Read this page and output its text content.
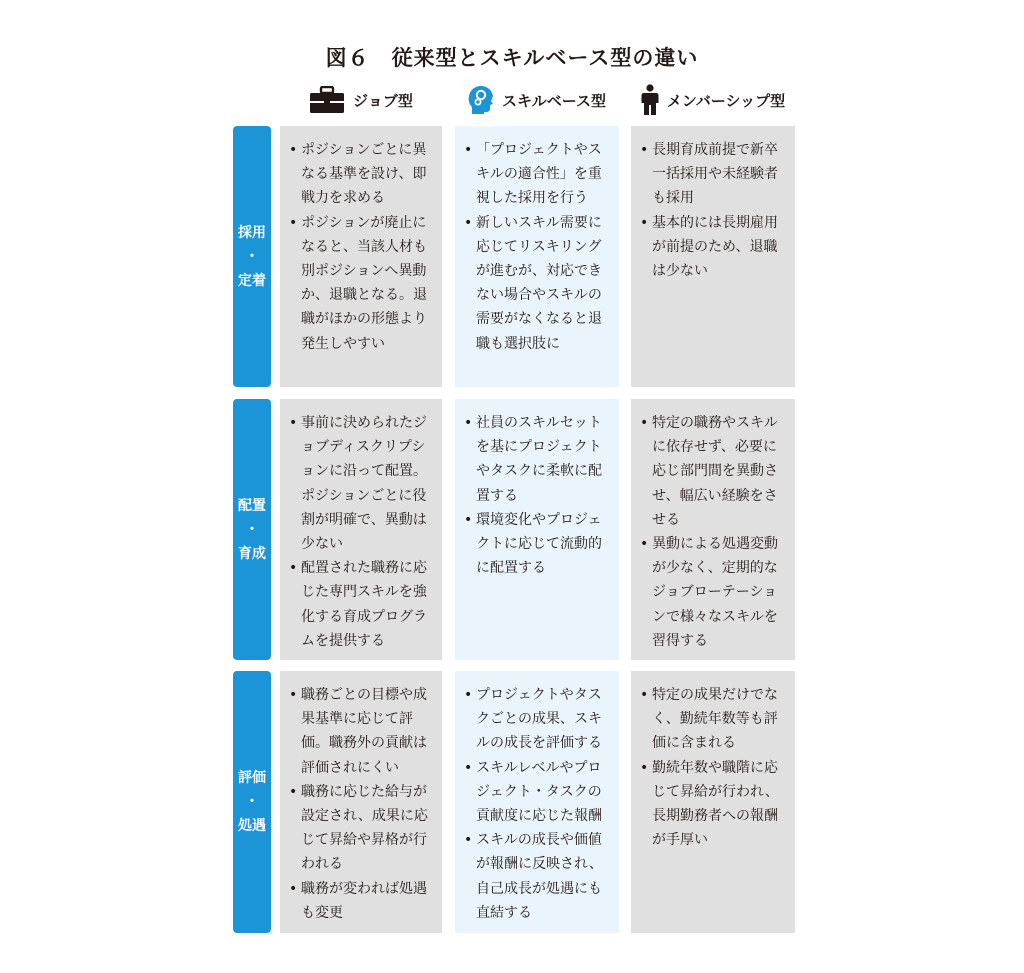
図６　従来型とスキルベース型の違い
ジョブ型	スキルベース型	メンバーシップ型
採用
・
定着
• ポジションごとに異なる基準を設け、即戦力を求める
• ポジションが廃止になると、当該人材も別ポジションへ異動か、退職となる。退職がほかの形態より発生しやすい
• 「プロジェクトやスキルの適合性」を重視した採用を行う
• 新しいスキル需要に応じてリスキリングが進むが、対応できない場合やスキルの需要がなくなると退職も選択肢に
• 長期育成前提で新卒一括採用や未経験者も採用
• 基本的には長期雇用が前提のため、退職は少ない
配置
・
育成
• 事前に決められたジョブディスクリプションに沿って配置。ポジションごとに役割が明確で、異動は少ない
• 配置された職務に応じた専門スキルを強化する育成プログラムを提供する
• 社員のスキルセットを基にプロジェクトやタスクに柔軟に配置する
• 環境変化やプロジェクトに応じて流動的に配置する
• 特定の職務やスキルに依存せず、必要に応じ部門間を異動させ、幅広い経験をさせる
• 異動による処遇変動が少なく、定期的なジョブローテーションで様々なスキルを習得する
評価
・
処遇
• 職務ごとの目標や成果基準に応じて評価。職務外の貢献は評価されにくい
• 職務に応じた給与が設定され、成果に応じて昇給や昇格が行われる
• 職務が変われば処遇も変更
• プロジェクトやタスクごとの成果、スキルの成長を評価する
• スキルレベルやプロジェクト・タスクの貢献度に応じた報酬
• スキルの成長や価値が報酬に反映され、自己成長が処遇にも直結する
• 特定の成果だけでなく、勤続年数等も評価に含まれる
• 勤続年数や職階に応じて昇給が行われ、長期勤務者への報酬が手厚い
